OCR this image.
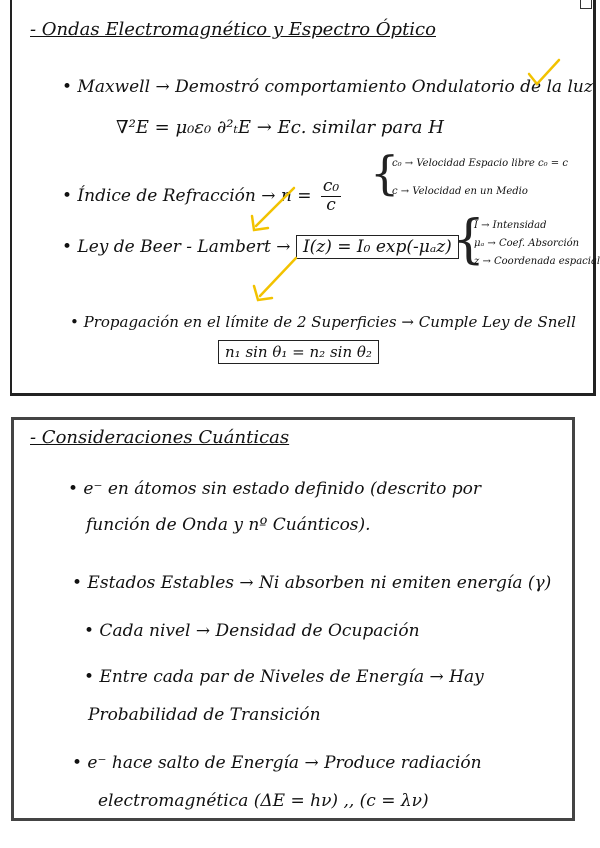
- Ondas Electromagnético y Espectro Óptico
• Maxwell → Demostró comportamiento Ondulatorio de la luz
∇²E = μ₀ε₀ ∂²ₜE → Ec. similar para H
• Índice de Refracción → $n = \frac{\text{c₀}}{c}$ {
c₀ → Velocidad Espacio libre c₀ = c
c → Velocidad en un Medio
• Ley de Beer - Lambert → I(z) = I₀ exp(-μₐz) {
I → Intensidad
μₐ → Coef. Absorción
z → Coordenada espacial
• Propagación en el límite de 2 Superficies → Cumple Ley de Snell
n₁ sin θ₁ = n₂ sin θ₂
- Consideraciones Cuánticas
• e⁻ en átomos sin estado definido (descrito por
función de Onda y nº Cuánticos).
• Estados Estables → Ni absorben ni emiten energía (γ)
• Cada nivel → Densidad de Ocupación
• Entre cada par de Niveles de Energía → Hay
Probabilidad de Transición
• e⁻ hace salto de Energía → Produce radiación
electromagnética (ΔE = hν) ,, (c = λν)
